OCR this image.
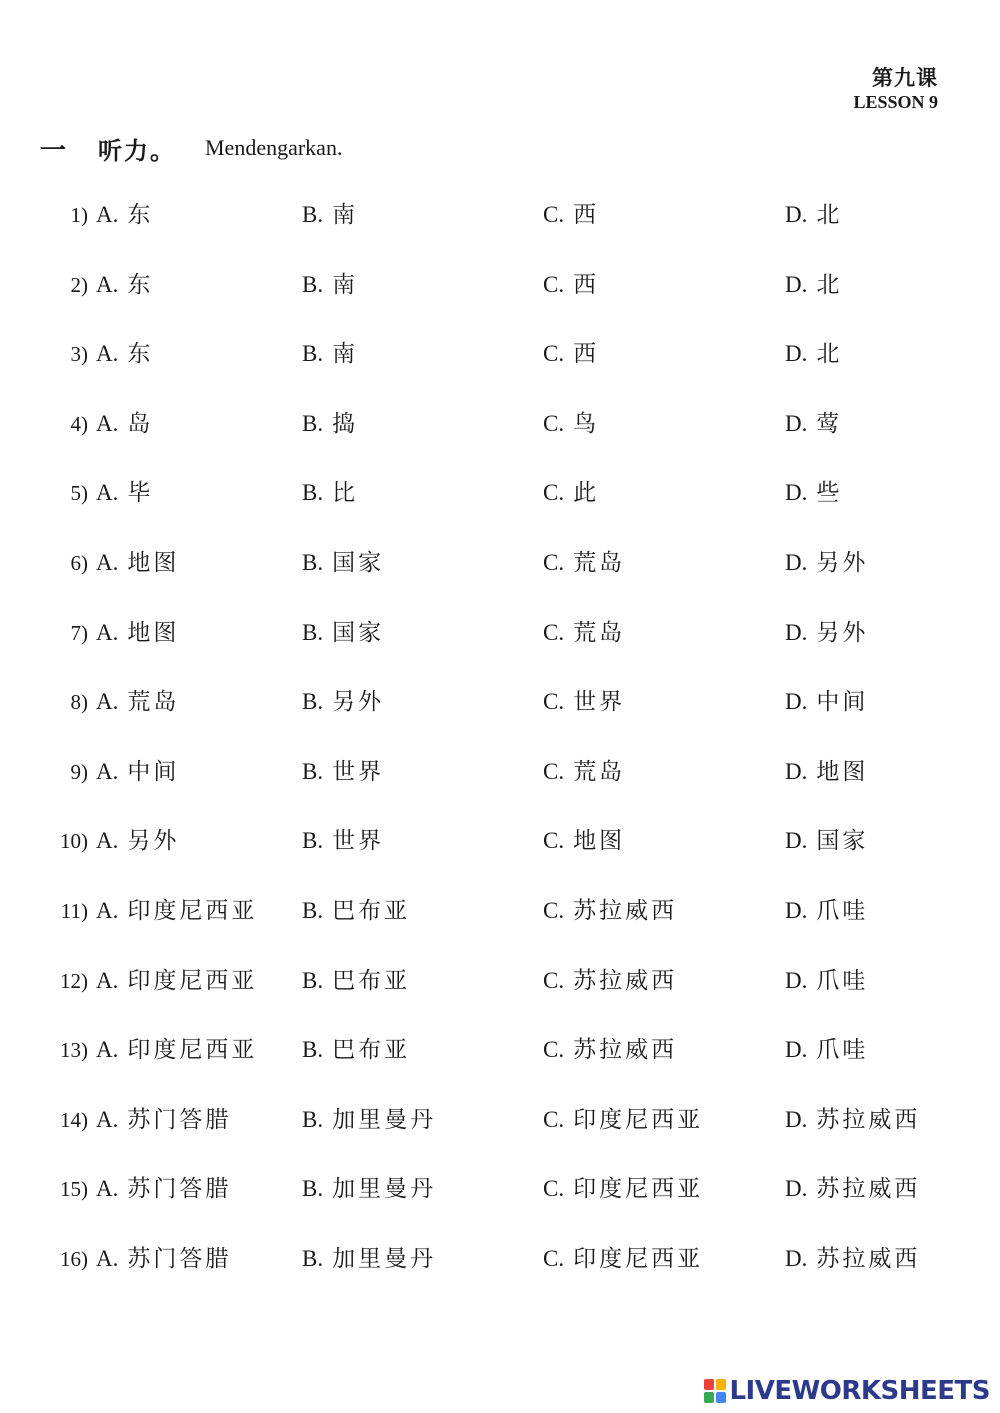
第九课
LESSON 9
一	听力。	Mendengarkan.
1) A. 东	B. 南	C. 西	D. 北
2) A. 东	B. 南	C. 西	D. 北
3) A. 东	B. 南	C. 西	D. 北
4) A. 岛	B. 捣	C. 鸟	D. 莺
5) A. 毕	B. 比	C. 此	D. 些
6) A. 地图	B. 国家	C. 荒岛	D. 另外
7) A. 地图	B. 国家	C. 荒岛	D. 另外
8) A. 荒岛	B. 另外	C. 世界	D. 中间
9) A. 中间	B. 世界	C. 荒岛	D. 地图
10) A. 另外	B. 世界	C. 地图	D. 国家
11) A. 印度尼西亚 B. 巴布亚	C. 苏拉威西	D. 爪哇
12) A. 印度尼西亚 B. 巴布亚	C. 苏拉威西	D. 爪哇
13) A. 印度尼西亚 B. 巴布亚	C. 苏拉威西	D. 爪哇
14) A. 苏门答腊	B. 加里曼丹	C. 印度尼西亚	D. 苏拉威西
15) A. 苏门答腊	B. 加里曼丹	C. 印度尼西亚	D. 苏拉威西
16) A. 苏门答腊	B. 加里曼丹	C. 印度尼西亚	D. 苏拉威西
LIVEWORKSHEETS
